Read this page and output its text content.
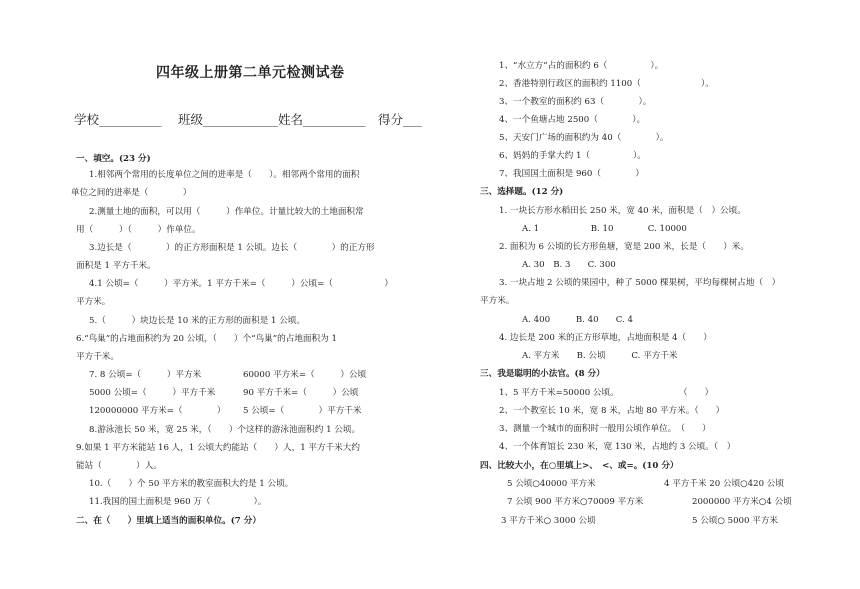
四年级上册第二单元检测试卷
学校__________ 　班级____________姓名__________　得分___
一、填空。(23 分)
1.相邻两个常用的长度单位之间的进率是（　　）。相邻两个常用的面积
单位之间的进率是（　　　　）
2.测量土地的面积，可以用（　　　）作单位。计量比较大的土地面积常
用（　　　）（　　　）作单位。
3.边长是（　　　　）的正方形面积是 1 公顷。边长（　　　　）的正方形
面积是 1 平方千米。
4.1 公顷=（　　　）平方米。1 平方千米=（　　　）公顷=（　　　　　　）
平方米。
5.（　　　）块边长是 10 米的正方形的面积是 1 公顷。
6.“鸟巢”的占地面积约为 20 公顷，（　　）个“鸟巢”的占地面积为 1
平方千米。
7. 8 公顷=（　　　）平方米	60000 平方米=（　　　）公顷
5000 公顷=（　　　）平方千米	90 平方千米=（　　　）公顷
120000000 平方米=（　　　　） 5 公顷=（　　　　）平方千米
8.游泳池长 50 米，宽 25 米，（　　）个这样的游泳池面积约 1 公顷。
9.如果 1 平方米能站 16 人，1 公顷大约能站（　　）人，1 平方千米大约
能站（　　　　）人。
10.（　　）个 50 平方米的教室面积大约是 1 公顷。
11.我国的国土面积是 960 万（　　　　　）。
二、在（　　）里填上适当的面积单位。(7 分）
1、“水立方”占的面积约 6（　　　　　）。
2、香港特别行政区的面积约 1100（　　　　　　　）。
3、一个教室的面积约 63（　　　　）。
4、一个鱼塘占地 2500（　　　　）。
5、天安门广场的面积约为 40（　　　　）。
6、妈妈的手掌大约 1（　　　　　）。
7、我国国土面积是 960（　　　　）
三、选择题。(12 分)
1. 一块长方形水稻田长 250 米，宽 40 米，面积是（　）公顷。
A. 1　　　　　　B. 10　　　　C. 10000
2. 面积为 6 公顷的长方形鱼塘，宽是 200 米，长是（　　）米。
A. 30　B. 3　　C. 300
3. 一块占地 2 公顷的果园中，种了 5000 棵果树，平均每棵树占地（　）
平方米。
A. 400　　　B. 40　　C. 4
4. 边长是 200 米的正方形草地，占地面积是 4（　　）
A. 平方米　　B. 公顷　　　C. 平方千米
三、我是聪明的小法官。(8 分）
1、5 平方千米=50000 公顷。　　　　　　　　（　　）
2、一个教室长 10 米，宽 8 米，占地 80 平方米。（　　）
3、测量一个城市的面积时一般用公顷作单位。　（　　）
4、一个体育馆长 230 米，宽 130 米，占地约 3 公顷。（　）
四、比较大小，在○里填上>、　<、或=。(10 分）
5 公顷○40000 平方米	4 平方千米 20 公顷○420 公顷
7 公顷 900 平方米○70009 平方米	2000000 平方米○4 公顷
3 平方千米○ 3000 公顷	5 公顷○ 5000 平方米
